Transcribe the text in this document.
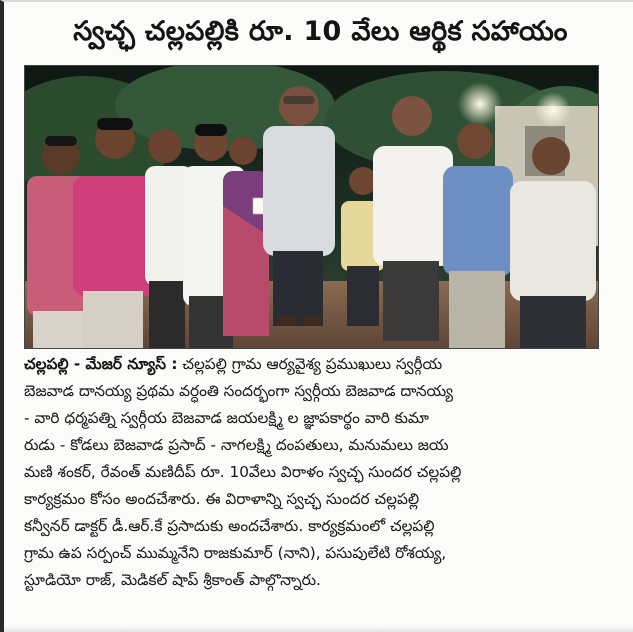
స్వచ్ఛ చల్లపల్లికి రూ. 10 వేలు ఆర్థిక సహాయం
చల్లపల్లి - మేజర్ న్యూస్ : చల్లపల్లి గ్రామ ఆర్యవైశ్య ప్రముఖులు స్వర్గీయ
బెజవాడ దానయ్య ప్రథమ వర్ధంతి సందర్భంగా స్వర్గీయ బెజవాడ దానయ్య
- వారి ధర్మపత్ని స్వర్గీయ బెజవాడ జయలక్ష్మి ల జ్ఞాపకార్థం వారి కుమా
రుడు - కోడలు బెజవాడ ప్రసాద్ - నాగలక్ష్మి దంపతులు, మనుమలు జయ
మణి శంకర్, రేవంత్ మణిదీప్ రూ. 10వేలు విరాళం స్వచ్ఛ సుందర చల్లపల్లి
కార్యక్రమం కోసం అందచేశారు. ఈ విరాళాన్ని స్వచ్ఛ సుందర చల్లపల్లి
కన్వీనర్ డాక్టర్ డీ.ఆర్.కే ప్రసాదుకు అందచేశారు. కార్యక్రమంలో చల్లపల్లి
గ్రామ ఉప సర్పంచ్ ముమ్మనేని రాజకుమార్ (నాని), పసుపులేటి రోశయ్య,
స్టూడియో రాజ్, మెడికల్ షాప్ శ్రీకాంత్ పాల్గొన్నారు.
